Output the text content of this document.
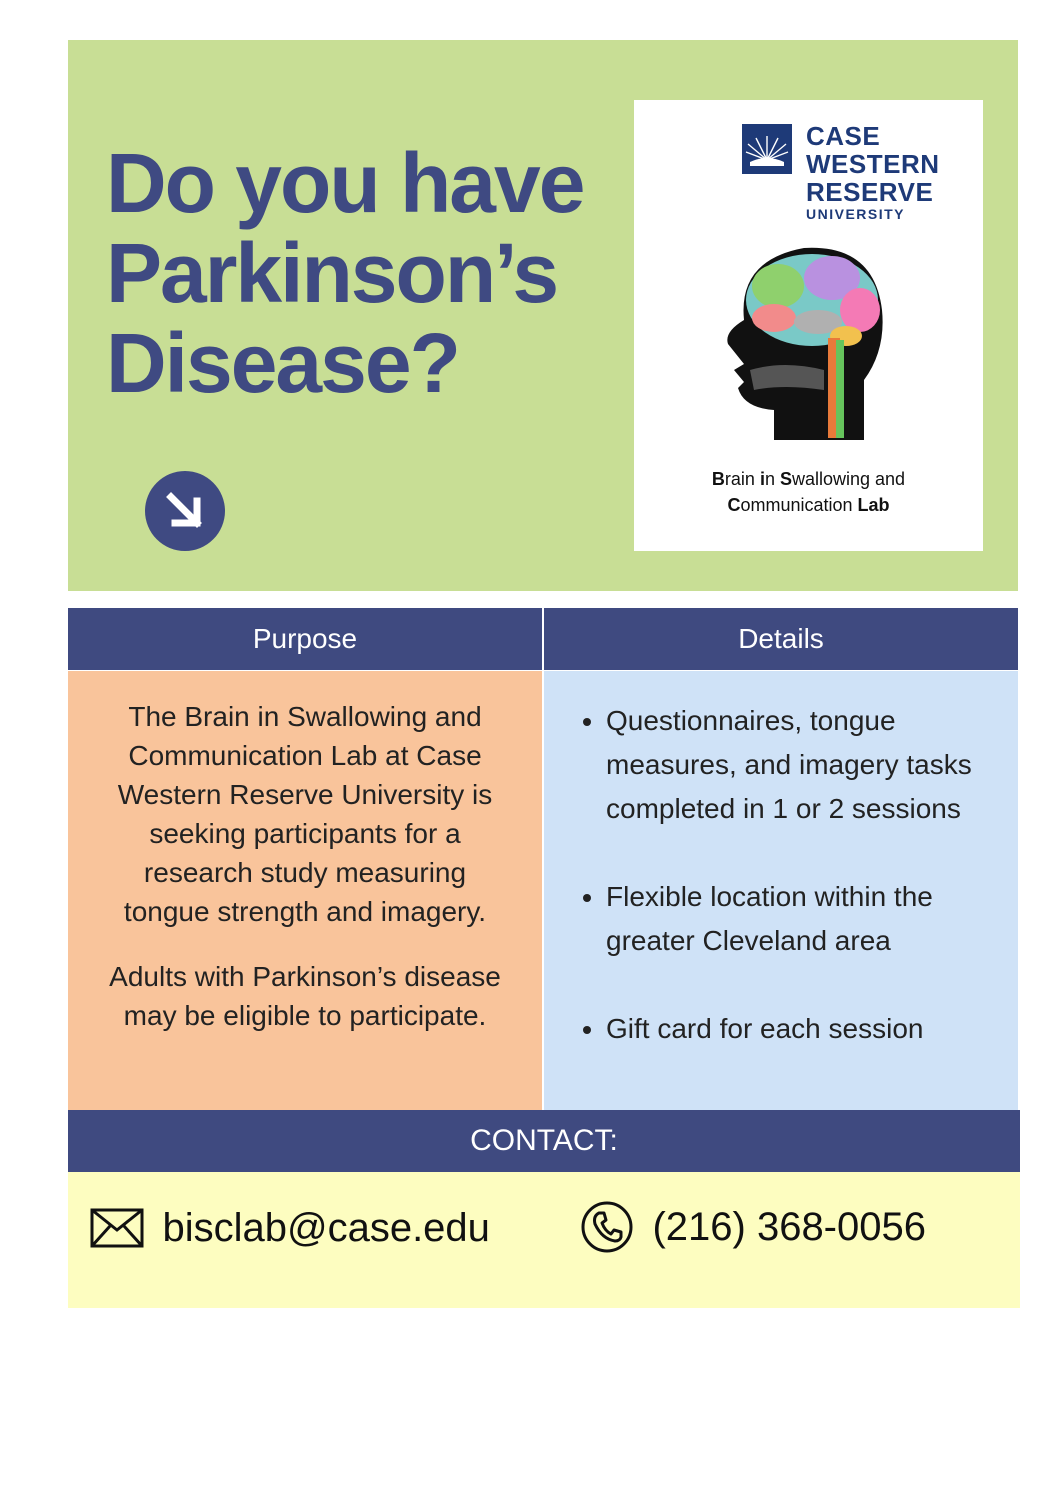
Do you have
Parkinson’s
Disease?
CASE
WESTERN
RESERVE
UNIVERSITY
Brain in Swallowing and
Communication Lab
Purpose	Details

The Brain in Swallowing and Communication Lab at Case Western Reserve University is seeking participants for a research study measuring tongue strength and imagery.

Adults with Parkinson’s disease may be eligible to participate.

• Questionnaires, tongue measures, and imagery tasks completed in 1 or 2 sessions
• Flexible location within the greater Cleveland area
• Gift card for each session
CONTACT:
bisclab@case.edu	(216) 368-0056
